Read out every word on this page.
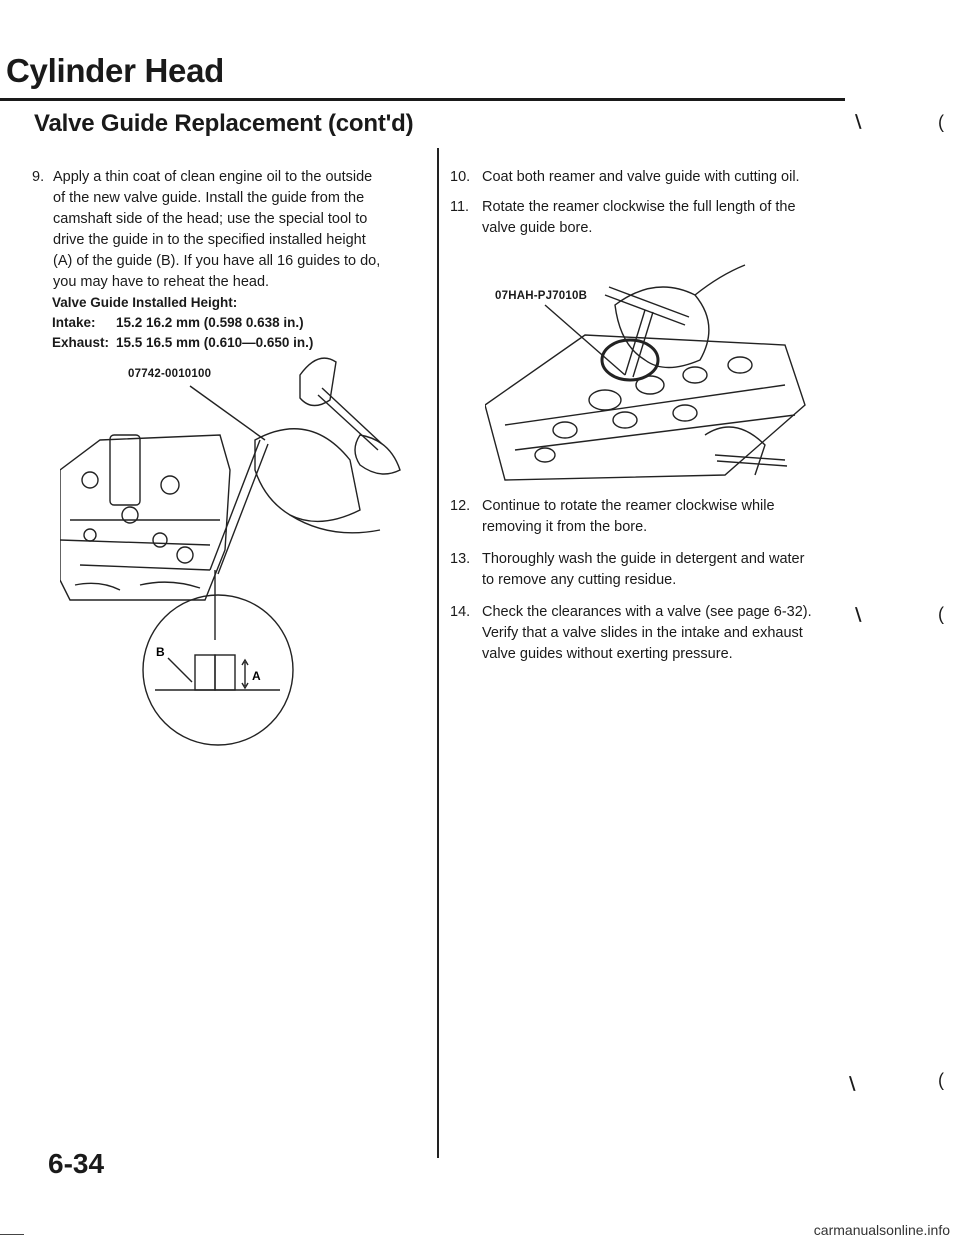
Cylinder Head
Valve Guide Replacement (cont'd)	∖	(
∖	(
∖	(
9. Apply a thin coat of clean engine oil to the outside
of the new valve guide. Install the guide from the
camshaft side of the head; use the special tool to
drive the guide in to the specified installed height
(A) of the guide (B). If you have all 16 guides to do,
you may have to reheat the head.
Valve Guide Installed Height:
Intake: 15.2 16.2 mm (0.598 0.638 in.)
Exhaust: 15.5 16.5 mm (0.610—0.650 in.)
07742-0010100
B
A
10. Coat both reamer and valve guide with cutting oil.
11. Rotate the reamer clockwise the full length of the
valve guide bore.
07HAH-PJ7010B
12. Continue to rotate the reamer clockwise while
removing it from the bore.
13. Thoroughly wash the guide in detergent and water
to remove any cutting residue.
14. Check the clearances with a valve (see page 6-32).
Verify that a valve slides in the intake and exhaust
valve guides without exerting pressure.
6-34
carmanualsonline.info
